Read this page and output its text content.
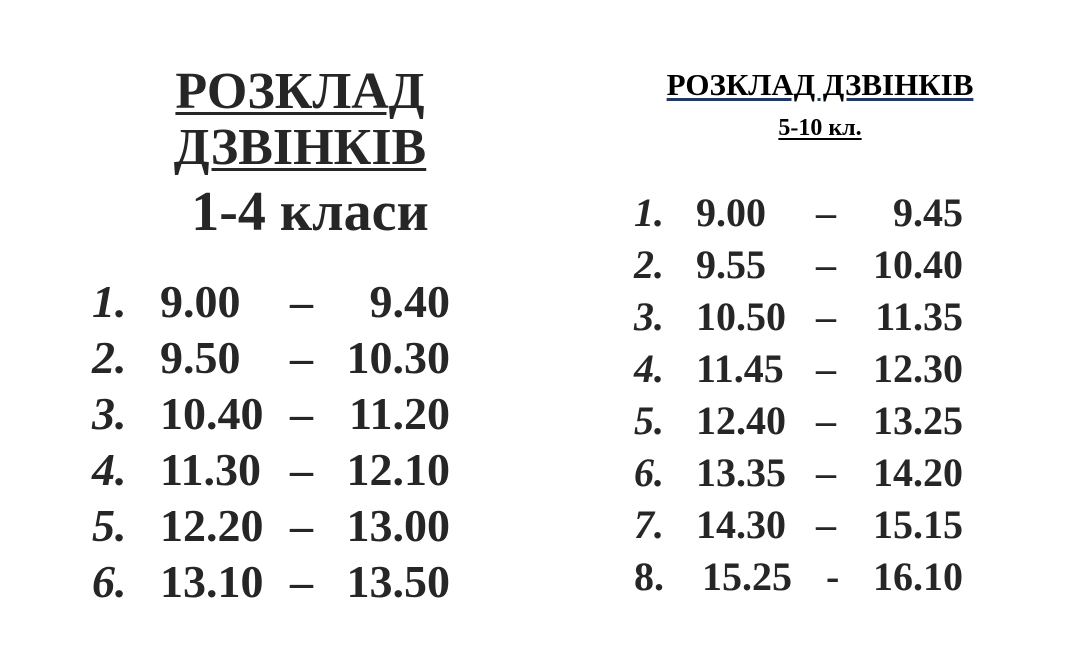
РОЗКЛАД
ДЗВІНКІВ
1-4 класи
1. 9.00 – 9.40
2. 9.50 – 10.30
3. 10.40 – 11.20
4. 11.30 – 12.10
5. 12.20 – 13.00
6. 13.10 – 13.50
РОЗКЛАД ДЗВІНКІВ
5-10 кл.
1. 9.00 – 9.45
2. 9.55 – 10.40
3. 10.50 – 11.35
4. 11.45 – 12.30
5. 12.40 – 13.25
6. 13.35 – 14.20
7. 14.30 – 15.15
8. 15.25 - 16.10
